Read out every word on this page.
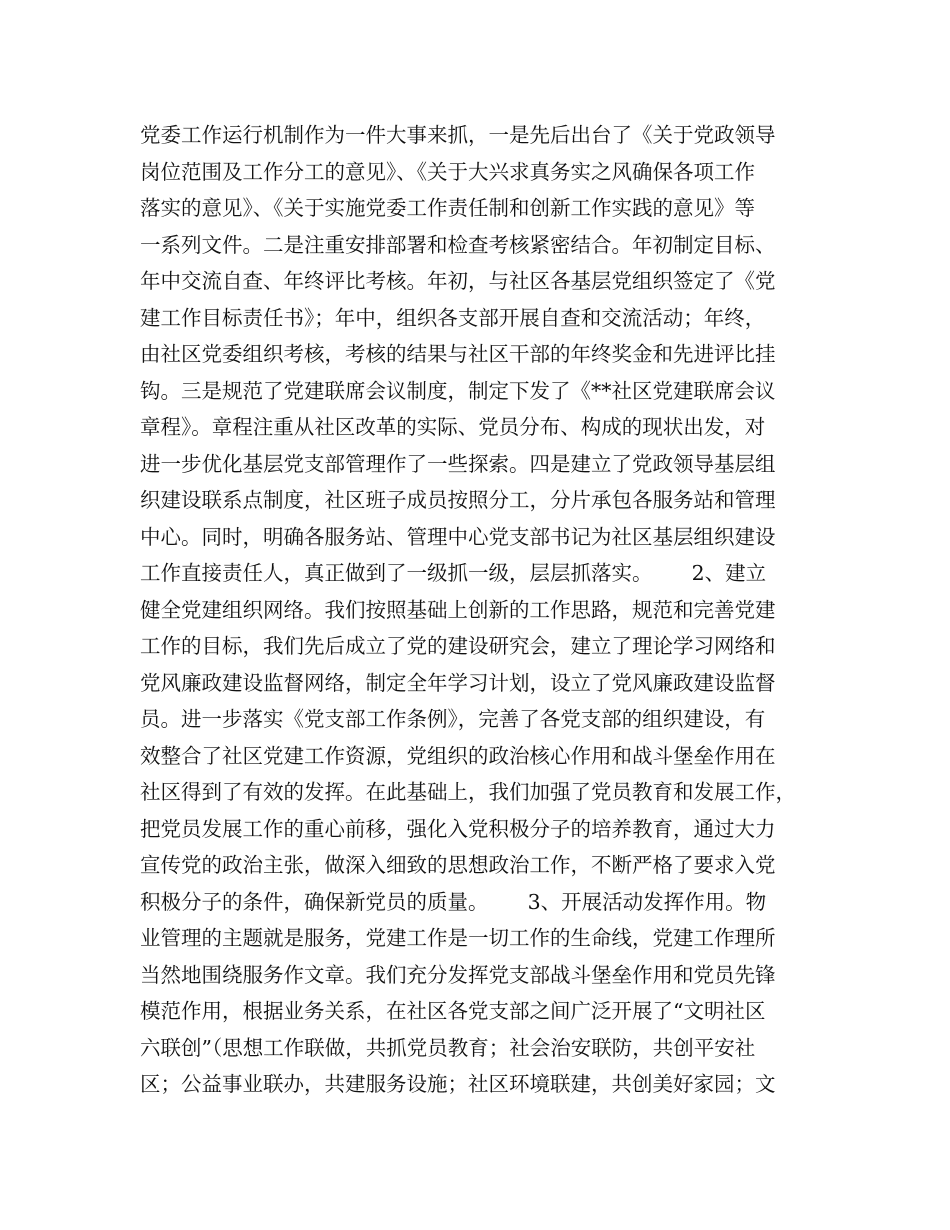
党委工作运行机制作为一件大事来抓，一是先后出台了《关于党政领导
岗位范围及工作分工的意见》、《关于大兴求真务实之风确保各项工作
落实的意见》、《关于实施党委工作责任制和创新工作实践的意见》等
一系列文件。二是注重安排部署和检查考核紧密结合。年初制定目标、
年中交流自查、年终评比考核。年初，与社区各基层党组织签定了《党
建工作目标责任书》；年中，组织各支部开展自查和交流活动；年终，
由社区党委组织考核，考核的结果与社区干部的年终奖金和先进评比挂
钩。三是规范了党建联席会议制度，制定下发了《**社区党建联席会议
章程》。章程注重从社区改革的实际、党员分布、构成的现状出发，对
进一步优化基层党支部管理作了一些探索。四是建立了党政领导基层组
织建设联系点制度，社区班子成员按照分工，分片承包各服务站和管理
中心。同时，明确各服务站、管理中心党支部书记为社区基层组织建设
工作直接责任人，真正做到了一级抓一级，层层抓落实。      2、建立
健全党建组织网络。我们按照基础上创新的工作思路，规范和完善党建
工作的目标，我们先后成立了党的建设研究会，建立了理论学习网络和
党风廉政建设监督网络，制定全年学习计划，设立了党风廉政建设监督
员。进一步落实《党支部工作条例》，完善了各党支部的组织建设，有
效整合了社区党建工作资源，党组织的政治核心作用和战斗堡垒作用在
社区得到了有效的发挥。在此基础上，我们加强了党员教育和发展工作，
把党员发展工作的重心前移，强化入党积极分子的培养教育，通过大力
宣传党的政治主张，做深入细致的思想政治工作，不断严格了要求入党
积极分子的条件，确保新党员的质量。      3、开展活动发挥作用。物
业管理的主题就是服务，党建工作是一切工作的生命线，党建工作理所
当然地围绕服务作文章。我们充分发挥党支部战斗堡垒作用和党员先锋
模范作用，根据业务关系，在社区各党支部之间广泛开展了“文明社区
六联创”（思想工作联做，共抓党员教育；社会治安联防，共创平安社
区；公益事业联办，共建服务设施；社区环境联建，共创美好家园；文
